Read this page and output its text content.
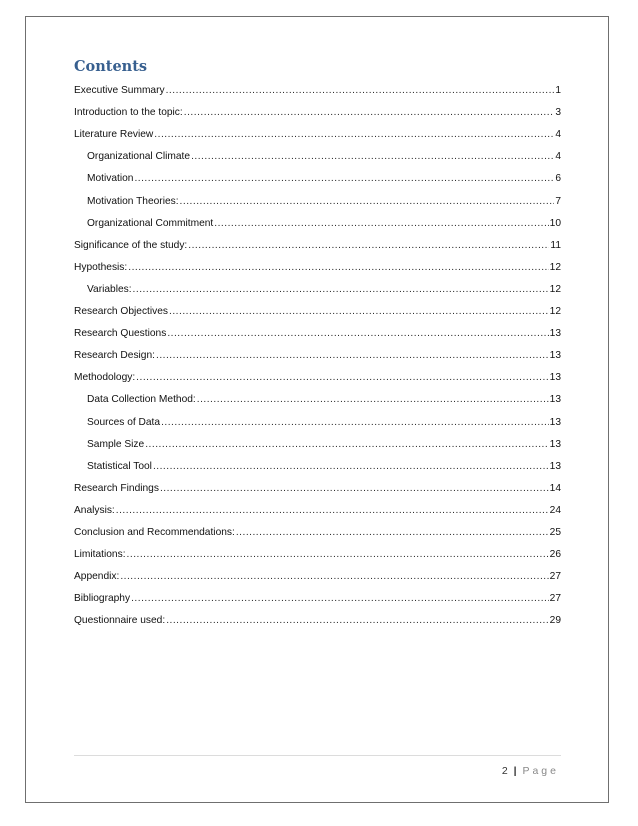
Contents
Executive Summary .....	1
Introduction to the topic: .....	3
Literature Review .....	4
Organizational Climate .....	4
Motivation .....	6
Motivation Theories: .....	7
Organizational Commitment .....	10
Significance of the study: .....	11
Hypothesis: .....	12
Variables: .....	12
Research Objectives .....	12
Research Questions .....	13
Research Design: .....	13
Methodology: .....	13
Data Collection Method: .....	13
Sources of Data .....	13
Sample Size .....	13
Statistical Tool .....	13
Research Findings .....	14
Analysis: .....	24
Conclusion and Recommendations: .....	25
Limitations: .....	26
Appendix: .....	27
Bibliography .....	27
Questionnaire used: .....	29
2 | Page
